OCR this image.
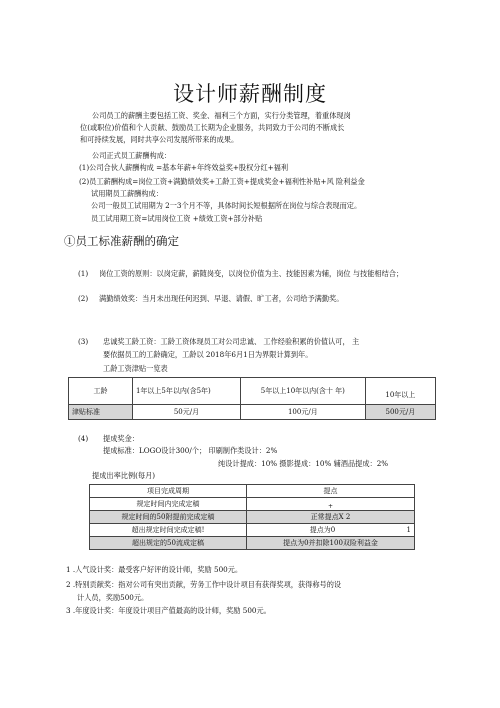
设计师薪酬制度
公司员工的薪酬主要包括工资、奖金、福利三个方面，实行分类管理，着重体现岗
位(或职位)价值和个人贡献、鼓励员工长期为企业服务，共同致力于公司的不断成长
和可持续发展，同时共享公司发展所带来的成果。
公司正式员工薪酬构成：
(1)公司合伙人薪酬构成 =基本年薪+年终效益奖+股权分红+福利
(2)员工薪酬构成=岗位工资+满勤绩效奖+工龄工资+提成奖金+福利性补贴+风 险利益金
试用期员工薪酬构成：
公司一般员工试用期为 2一3个月不等，具体时间长短根据所在岗位与综合表现而定。
员工试用期工资=试用岗位工资 +绩效工资+部分补贴
①员工标准薪酬的确定
(1) 岗位工资的原则：以岗定薪，薪随岗变，以岗位价值为主、技能因素为辅，岗位 与技能相结合；
(2) 满勤绩效奖：当月未出现任何迟到、早退、请假、旷工者，公司给予满勤奖。
(3) 忠诚奖工龄工资：工龄工资体现员工对公司忠诚、 工作经验积累的价值认可， 主
要依据员工的工龄确定，工龄以 2018年6月1日为界限计算到年。
工龄工资津贴一览表
工龄	1年以上5年以内(含5年)	5年以上10年以内(含十 年)	10年以上
津贴标准	50元/月	100元/月	500元/月
(4) 提成奖金：
提成标准：LOGO设计300/个； 印刷制作类设计：2%
纯设计提成：10% 摄影提成：10% 辅酒品提成：2%
提成出率比例(每月)
项目完成周期	提点	
规定时间内完成定稿	+	
规定时间的50附提前完成定稿	正常提点X 2	
超出规定时间完成定稿!	提点为0	1
超出规定的50流成定稿	提点为0并扣除100双险利益金	
1 .人气设计奖：最受客户好评的设计师，奖励 500元。
2 .特别贡献奖：指对公司有突出贡献，劳务工作中设计项目有获得奖项，获得称号的设
计人员，奖励500元。
3 .年度设计奖：年度设计项目产值最高的设计师，奖励 500元。
